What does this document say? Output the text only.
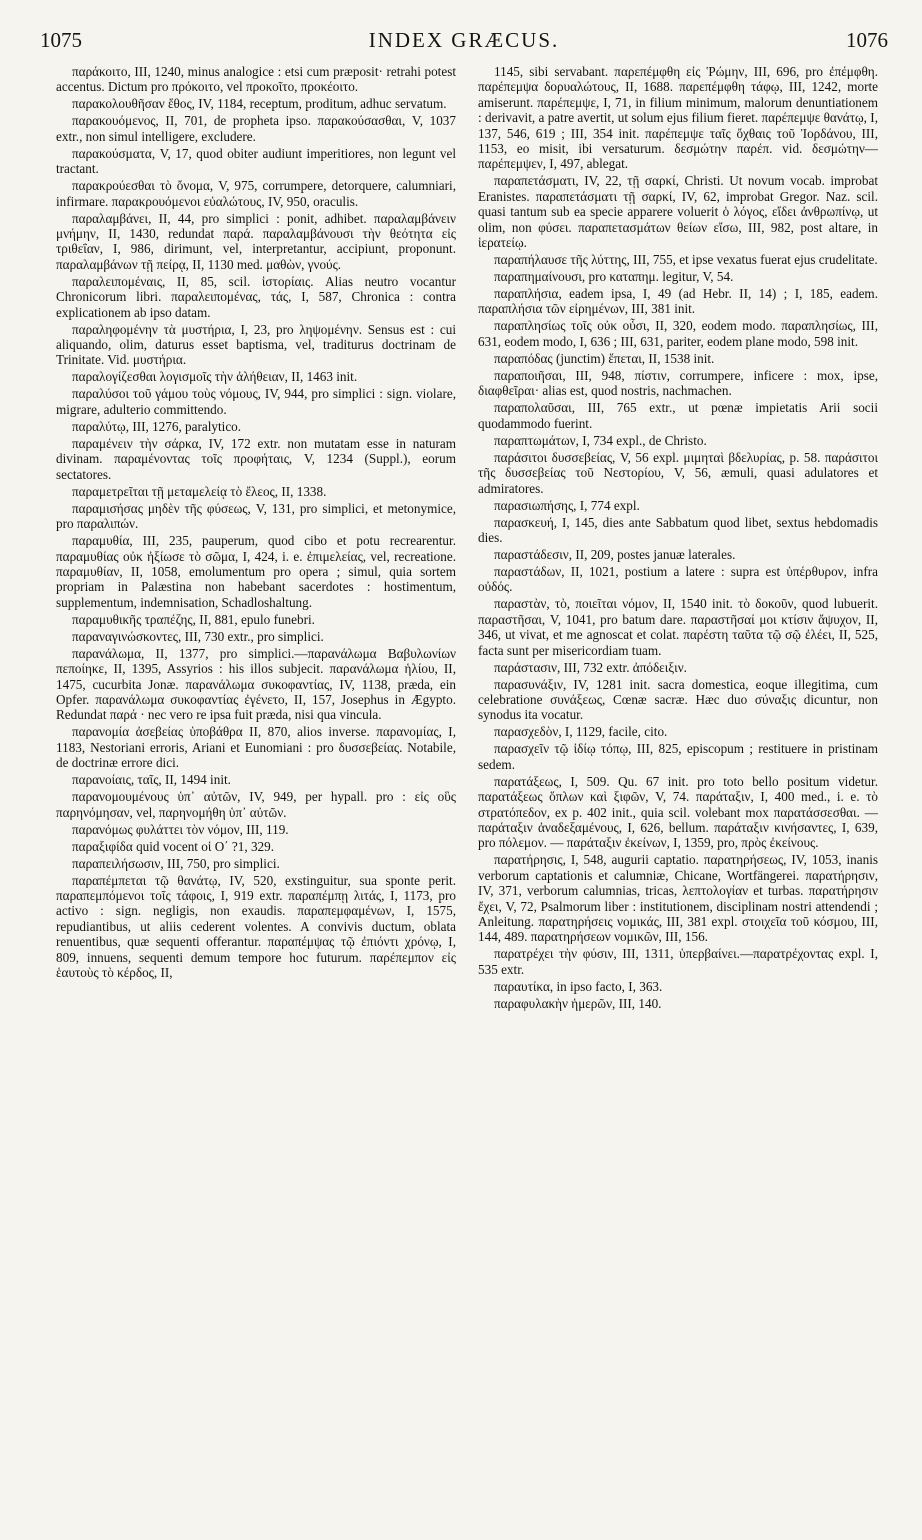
1075	INDEX GRÆCUS.	1076

παράκοιτο, III, 1240, minus analogice : etsi cum præposit· retrahi potest accentus. Dictum pro πρόκοιτο, vel προκοῖτο, προκέοιτο.

παρακολουθῆσαν ἔθος, IV, 1184, receptum, proditum, adhuc servatum.

παρακουόμενος, II, 701, de propheta ipso. παρακούσασθαι, V, 1037 extr., non simul intelligere, excludere.

παρακούσματα, V, 17, quod obiter audiunt imperitiores, non legunt vel tractant.

παρακρούεσθαι τὸ ὄνομα, V, 975, corrumpere, detorquere, calumniari, infirmare. παρακρουόμενοι εὐαλώτους, IV, 950, oraculis.

παραλαμβάνει, II, 44, pro simplici : ponit, adhibet. παραλαμβάνειν μνήμην, II, 1430, redundat παρά. παραλαμβάνουσι τὴν θεότητα εἰς τριθεΐαν, I, 986, dirimunt, vel, interpretantur, accipiunt, proponunt. παραλαμβάνων τῇ πείρᾳ, II, 1130 med. μαθὼν, γνούς.

παραλειπομέναις, II, 85, scil. ἱστορίαις. Alias neutro vocantur Chronicorum libri. παραλειπομένας, τάς, I, 587, Chronica : contra explicationem ab ipso datam.

παραληφομένην τὰ μυστήρια, I, 23, pro ληψομένην. Sensus est : cui aliquando, olim, daturus esset baptisma, vel, traditurus doctrinam de Trinitate. Vid. μυστήρια.

παραλογίζεσθαι λογισμοῖς τὴν ἀλήθειαν, II, 1463 init.

παραλύσοι τοῦ γάμου τοὺς νόμους, IV, 944, pro simplici : sign. violare, migrare, adulterio committendo.

παραλύτῳ, III, 1276, paralytico.

παραμένειν τὴν σάρκα, IV, 172 extr. non mutatam esse in naturam divinam. παραμένοντας τοῖς προφήταις, V, 1234 (Suppl.), eorum sectatores.

παραμετρεῖται τῇ μεταμελείᾳ τὸ ἔλεος, II, 1338.

παραμισήσας μηδὲν τῆς φύσεως, V, 131, pro simplici, et metonymice, pro παραλιπών.

παραμυθία, III, 235, pauperum, quod cibo et potu recrearentur. παραμυθίας οὐκ ἠξίωσε τὸ σῶμα, I, 424, i. e. ἐπιμελείας, vel, recreatione. παραμυθίαν, II, 1058, emolumentum pro opera ; simul, quia sortem propriam in Palæstina non habebant sacerdotes : hostimentum, supplementum, indemnisation, Schadloshaltung.

παραμυθικῆς τραπέζης, II, 881, epulo funebri.

παραναγινώσκοντες, III, 730 extr., pro simplici.

παρανάλωμα, II, 1377, pro simplici.—παρανάλωμα Βαβυλωνίων πεποίηκε, II, 1395, Assyrios : his illos subjecit. παρανάλωμα ἡλίου, II, 1475, cucurbita Jonæ. παρανάλωμα συκοφαντίας, IV, 1138, præda, ein Opfer. παρανάλωμα συκοφαντίας ἐγένετο, II, 157, Josephus in Ægypto. Redundat παρά · nec vero re ipsa fuit præda, nisi qua vincula.

παρανομία ἀσεβείας ὑποβάθρα II, 870, alios inverse. παρανομίας, I, 1183, Nestoriani erroris, Ariani et Eunomiani : pro δυσσεβείας. Notabile, de doctrinæ errore dici.

παρανοίαις, ταῖς, II, 1494 init.

παρανομουμένους ὑπ᾽ αὐτῶν, IV, 949, per hypall. pro : εἰς οὓς παρηνόμησαν, vel, παρηνομήθη ὑπ᾽ αὐτῶν.

παρανόμως φυλάττει τὸν νόμον, III, 119.

παραξιφίδα quid vocent οἱ Ο΄ ?1, 329.

παραπειλήσωσιν, III, 750, pro simplici.

παραπέμπεται τῷ θανάτῳ, IV, 520, exstinguitur, sua sponte perit. παραπεμπόμενοι τοῖς τάφοις, I, 919 extr. παραπέμπῃ λιτάς, I, 1173, pro activo : sign. negligis, non exaudis. παραπεμφαμένων, I, 1575, repudiantibus, ut aliis cederent volentes. A convivis ductum, oblata renuentibus, quæ sequenti offerantur. παραπέμψας τῷ ἐπιόντι χρόνῳ, I, 809, innuens, sequenti demum tempore hoc futurum. παρέπεμπον εἰς ἑαυτοὺς τὸ κέρδος, II,

1145, sibi servabant. παρεπέμφθη εἰς Ῥώμην, III, 696, pro ἐπέμφθη. παρέπεμψα δορυαλώτους, II, 1688. παρεπέμφθη τάφῳ, III, 1242, morte amiserunt. παρέπεμψε, I, 71, in filium minimum, malorum denuntiationem : derivavit, a patre avertit, ut solum ejus filium fieret. παρέπεμψε θανάτῳ, I, 137, 546, 619 ; III, 354 init. παρέπεμψε ταῖς ὄχθαις τοῦ Ἰορδάνου, III, 1153, eo misit, ibi versaturum. δεσμώτην παρέπ. vid. δεσμώτην—παρέπεμψεν, I, 497, ablegat.

παραπετάσματι, IV, 22, τῇ σαρκί, Christi. Ut novum vocab. improbat Eranistes. παραπετάσματι τῇ σαρκί, IV, 62, improbat Gregor. Naz. scil. quasi tantum sub ea specie apparere voluerit ὁ λόγος, εἴδει ἀνθρωπίνῳ, ut olim, non φύσει. παραπετασμάτων θείων εἴσω, III, 982, post altare, in ἱερατείῳ.

παραπήλαυσε τῆς λύττης, III, 755, et ipse vexatus fuerat ejus crudelitate.

παραπημαίνουσι, pro καταπημ. legitur, V, 54.

παραπλήσια, eadem ipsa, I, 49 (ad Hebr. II, 14) ; I, 185, eadem. παραπλήσια τῶν εἰρημένων, III, 381 init.

παραπλησίως τοῖς οὐκ οὖσι, II, 320, eodem modo. παραπλησίως, III, 631, eodem modo, I, 636 ; III, 631, pariter, eodem plane modo, 598 init.

παραπόδας (junctim) ἕπεται, II, 1538 init.

παραποιῆσαι, III, 948, πίστιν, corrumpere, inficere : mox, ipse, διαφθεῖραι· alias est, quod nostris, nachmachen.

παραπολαῦσαι, III, 765 extr., ut pœnæ impietatis Arii socii quodammodo fuerint.

παραπτωμάτων, I, 734 expl., de Christo.

παράσιτοι δυσσεβείας, V, 56 expl. μιμηταὶ βδελυρίας, p. 58. παράσιτοι τῆς δυσσεβείας τοῦ Νεστορίου, V, 56, æmuli, quasi adulatores et admiratores.

παρασιωπήσης, I, 774 expl.

παρασκευή, I, 145, dies ante Sabbatum quod libet, sextus hebdomadis dies.

παραστάδεσιν, II, 209, postes januæ laterales.

παραστάδων, II, 1021, postium a latere : supra est ὑπέρθυρον, infra οὐδός.

παραστὰν, τὸ, ποιεῖται νόμον, II, 1540 init. τὸ δοκοῦν, quod lubuerit. παραστῆσαι, V, 1041, pro batum dare. παραστῆσαί μοι κτίσιν ἄψυχον, II, 346, ut vivat, et me agnoscat et colat. παρέστη ταῦτα τῷ σῷ ἐλέει, II, 525, facta sunt per misericordiam tuam.

παράστασιν, III, 732 extr. ἀπόδειξιν.

παρασυνάξιν, IV, 1281 init. sacra domestica, eoque illegitima, cum celebratione συνάξεως, Cœnæ sacræ. Hæc duo σύναξις dicuntur, non synodus ita vocatur.

παρασχεδὸν, I, 1129, facile, cito.

παρασχεῖν τῷ ἰδίῳ τόπῳ, III, 825, episcopum ; restituere in pristinam sedem.

παρατάξεως, I, 509. Qu. 67 init. pro toto bello positum videtur. παρατάξεως ὅπλων καὶ ξιφῶν, V, 74. παράταξιν, I, 400 med., i. e. τὸ στρατόπεδον, ex p. 402 init., quia scil. volebant mox παρατάσσεσθαι. — παράταξιν ἀναδεξαμένους, I, 626, bellum. παράταξιν κινήσαντες, I, 639, pro πόλεμον. — παράταξιν ἐκείνων, I, 1359, pro, πρὸς ἐκείνους.

παρατήρησις, I, 548, augurii captatio. παρατηρήσεως, IV, 1053, inanis verborum captationis et calumniæ, Chicane, Wortfängerei. παρατήρησιν, IV, 371, verborum calumnias, tricas, λεπτολογίαν et turbas. παρατήρησιν ἔχει, V, 72, Psalmorum liber : institutionem, disciplinam nostri attendendi ; Anleitung. παρατηρήσεις νομικάς, III, 381 expl. στοιχεῖα τοῦ κόσμου, III, 144, 489. παρατηρήσεων νομικῶν, III, 156.

παρατρέχει τὴν φύσιν, III, 1311, ὑπερβαίνει.—παρατρέχοντας expl. I, 535 extr.

παραυτίκα, in ipso facto, I, 363.

παραφυλακὴν ἡμερῶν, III, 140.
